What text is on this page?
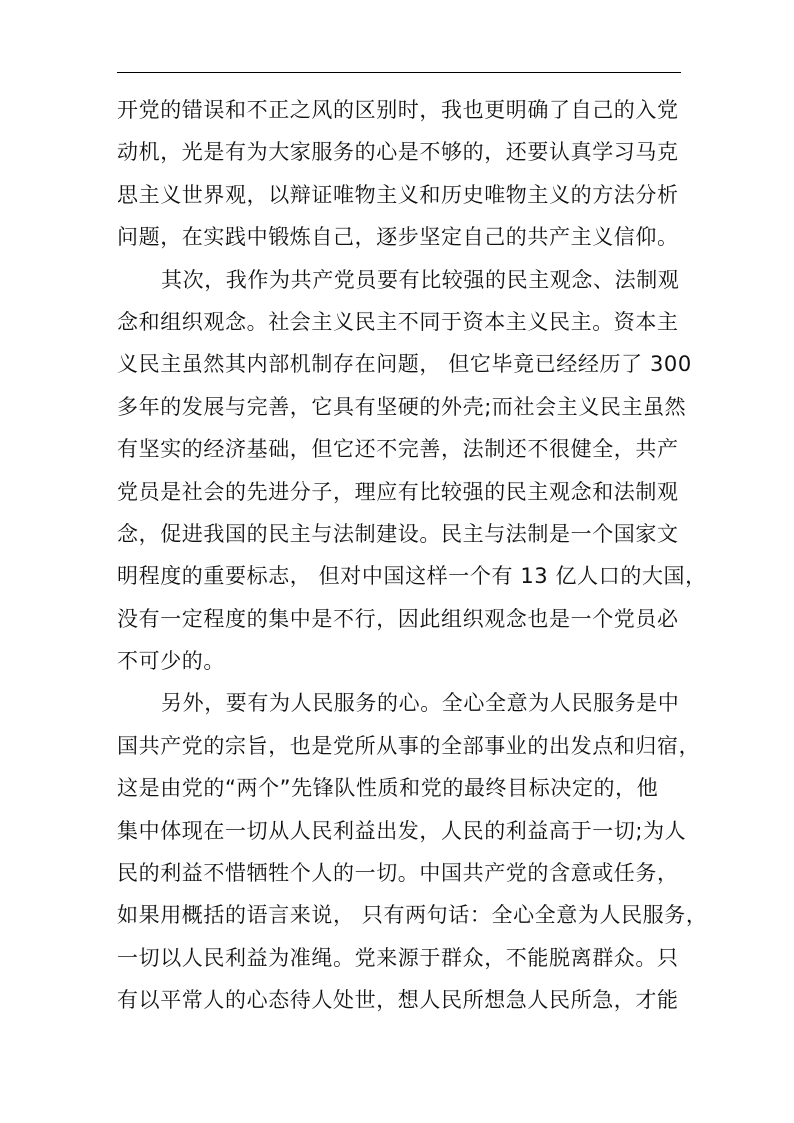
开党的错误和不正之风的区别时，我也更明确了自己的入党
动机，光是有为大家服务的心是不够的，还要认真学习马克
思主义世界观，以辩证唯物主义和历史唯物主义的方法分析
问题，在实践中锻炼自己，逐步坚定自己的共产主义信仰。
其次，我作为共产党员要有比较强的民主观念、法制观
念和组织观念。社会主义民主不同于资本主义民主。资本主
义民主虽然其内部机制存在问题， 但它毕竟已经经历了 300
多年的发展与完善，它具有坚硬的外壳;而社会主义民主虽然
有坚实的经济基础，但它还不完善，法制还不很健全，共产
党员是社会的先进分子，理应有比较强的民主观念和法制观
念，促进我国的民主与法制建设。民主与法制是一个国家文
明程度的重要标志， 但对中国这样一个有 13 亿人口的大国，
没有一定程度的集中是不行，因此组织观念也是一个党员必
不可少的。
另外，要有为人民服务的心。全心全意为人民服务是中
国共产党的宗旨，也是党所从事的全部事业的出发点和归宿，
这是由党的“两个”先锋队性质和党的最终目标决定的，他
集中体现在一切从人民利益出发，人民的利益高于一切;为人
民的利益不惜牺牲个人的一切。中国共产党的含意或任务，
如果用概括的语言来说， 只有两句话：全心全意为人民服务，
一切以人民利益为准绳。党来源于群众，不能脱离群众。只
有以平常人的心态待人处世，想人民所想急人民所急，才能
